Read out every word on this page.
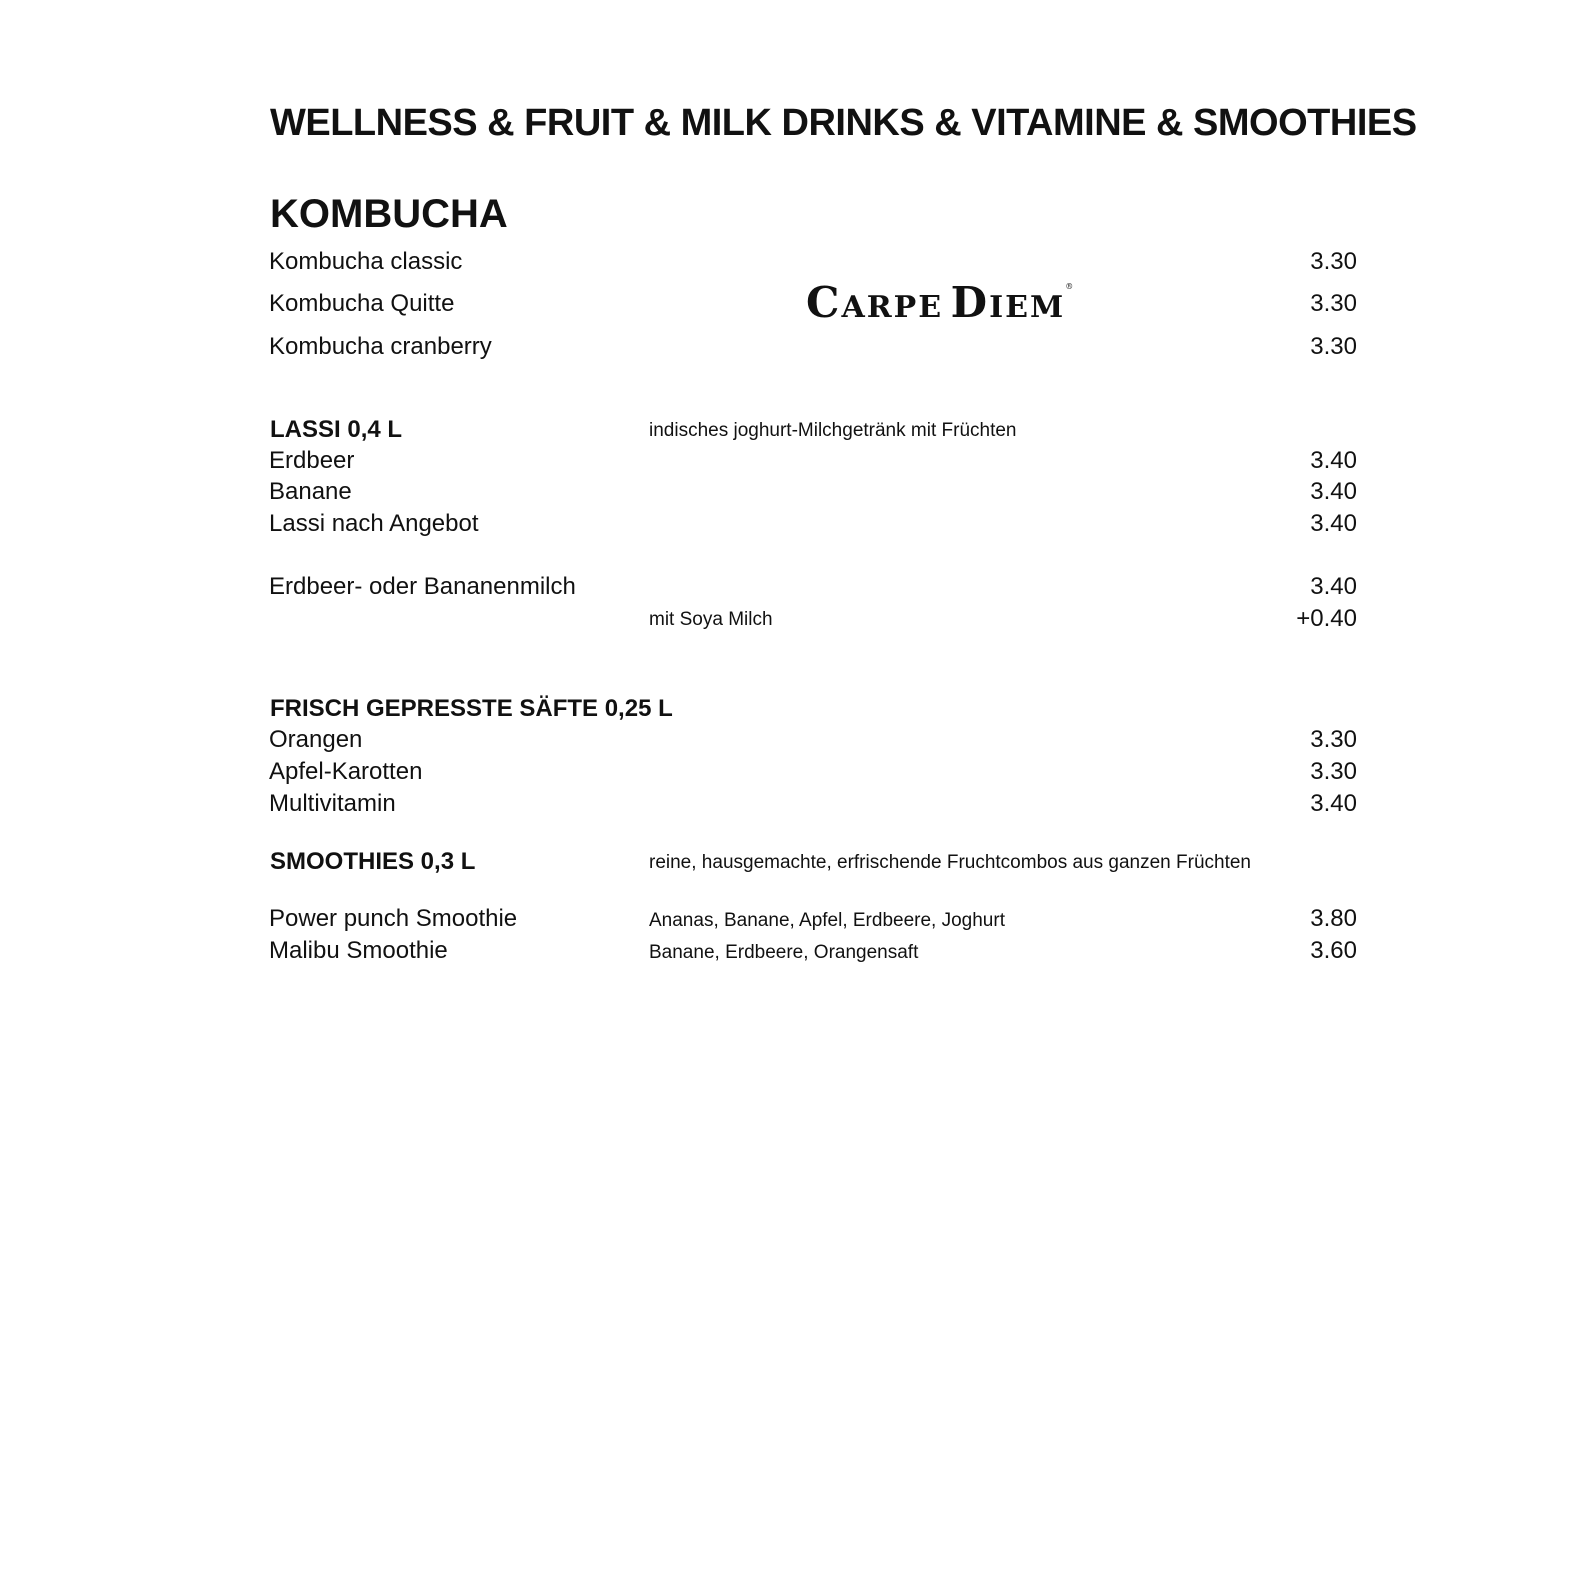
WELLNESS & FRUIT & MILK DRINKS & VITAMINE & SMOOTHIES
KOMBUCHA
Kombucha classic	3.30
Kombucha Quitte	3.30
Kombucha cranberry	3.30
CARPE DIEM®
LASSI 0,4 L	indisches joghurt-Milchgetränk mit Früchten
Erdbeer	3.40
Banane	3.40
Lassi nach Angebot	3.40
Erdbeer- oder Bananenmilch	3.40
mit Soya Milch	+0.40
FRISCH GEPRESSTE SÄFTE 0,25 L
Orangen	3.30
Apfel-Karotten	3.30
Multivitamin	3.40
SMOOTHIES 0,3 L	reine, hausgemachte, erfrischende Fruchtcombos aus ganzen Früchten
Power punch Smoothie	Ananas, Banane, Apfel, Erdbeere, Joghurt	3.80
Malibu Smoothie	Banane, Erdbeere, Orangensaft	3.60
